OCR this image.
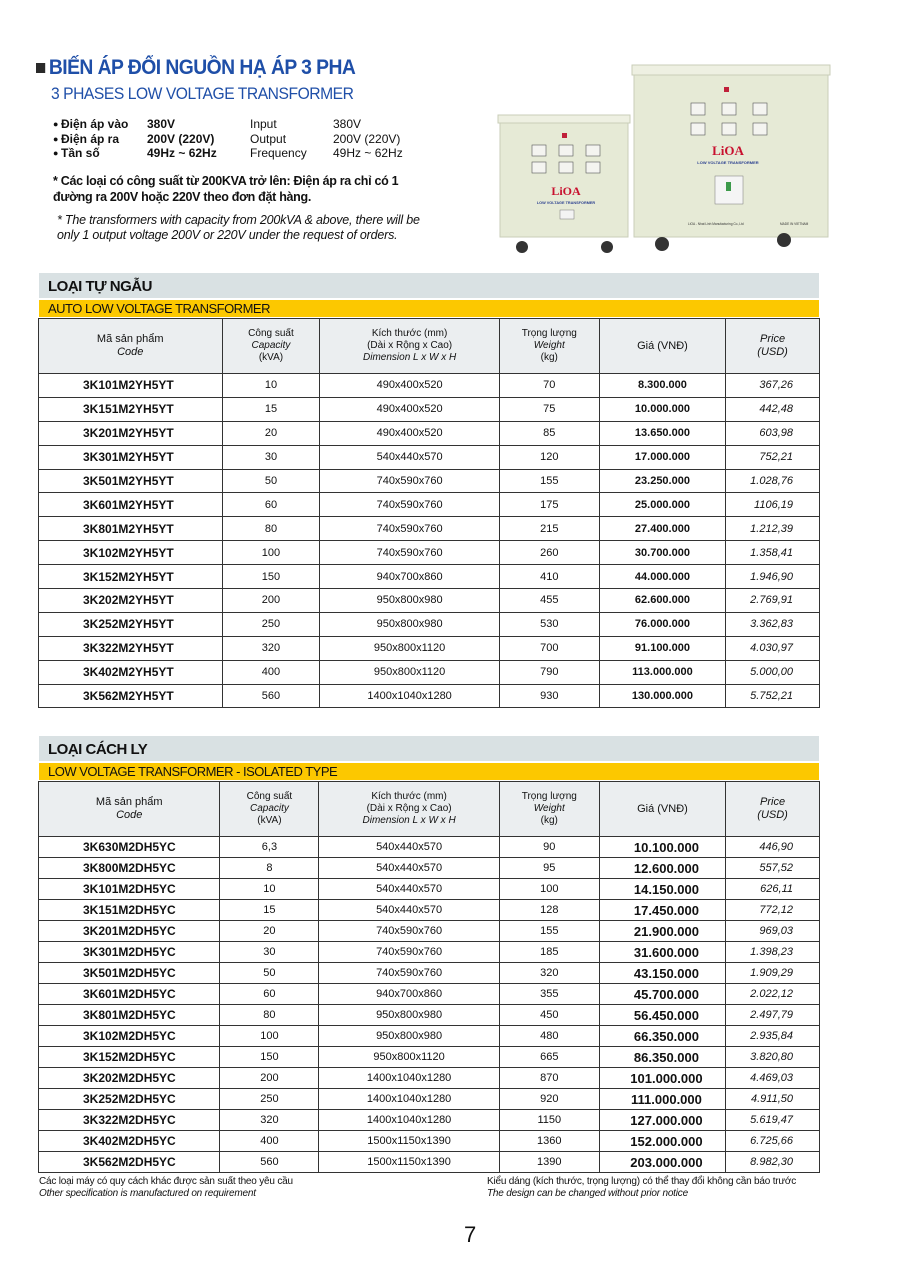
BIẾN ÁP ĐỔI NGUỒN HẠ ÁP 3 PHA
3 PHASES LOW VOLTAGE TRANSFORMER
● Điện áp vào	380V	Input	380V
● Điện áp ra	200V (220V)	Output	200V (220V)
● Tần số	49Hz ~ 62Hz	Frequency	49Hz ~ 62Hz
* Các loại có công suất từ 200KVA trở lên: Điện áp ra chỉ có 1 đường ra 200V hoặc 220V theo đơn đặt hàng.
* The transformers with capacity from 200kVA & above, there will be only 1 output voltage 200V or 220V under the request of orders.
LiOA
LOW VOLTAGE TRANSFORMER
LiOA
LOW VOLTAGE TRANSFORMER
LiOA - Nhat Linh Manufacturing Co.,Ltd	MADE IN VIETNAM
LOẠI TỰ NGẪU
AUTO LOW VOLTAGE TRANSFORMER
Mã sản phẩm
Code	Công suất
Capacity
(kVA)	Kích thước (mm)
(Dài x Rộng x Cao)
Dimension L x W x H	Trọng lượng
Weight
(kg)	Giá (VNĐ)	Price
(USD)
3K101M2YH5YT	10	490x400x520	70	8.300.000	367,26
3K151M2YH5YT	15	490x400x520	75	10.000.000	442,48
3K201M2YH5YT	20	490x400x520	85	13.650.000	603,98
3K301M2YH5YT	30	540x440x570	120	17.000.000	752,21
3K501M2YH5YT	50	740x590x760	155	23.250.000	1.028,76
3K601M2YH5YT	60	740x590x760	175	25.000.000	1106,19
3K801M2YH5YT	80	740x590x760	215	27.400.000	1.212,39
3K102M2YH5YT	100	740x590x760	260	30.700.000	1.358,41
3K152M2YH5YT	150	940x700x860	410	44.000.000	1.946,90
3K202M2YH5YT	200	950x800x980	455	62.600.000	2.769,91
3K252M2YH5YT	250	950x800x980	530	76.000.000	3.362,83
3K322M2YH5YT	320	950x800x1120	700	91.100.000	4.030,97
3K402M2YH5YT	400	950x800x1120	790	113.000.000	5.000,00
3K562M2YH5YT	560	1400x1040x1280	930	130.000.000	5.752,21
LOẠI CÁCH LY
LOW VOLTAGE TRANSFORMER - ISOLATED TYPE
Mã sản phẩm
Code	Công suất
Capacity
(kVA)	Kích thước (mm)
(Dài x Rộng x Cao)
Dimension L x W x H	Trọng lượng
Weight
(kg)	Giá (VNĐ)	Price
(USD)
3K630M2DH5YC	6,3	540x440x570	90	10.100.000	446,90
3K800M2DH5YC	8	540x440x570	95	12.600.000	557,52
3K101M2DH5YC	10	540x440x570	100	14.150.000	626,11
3K151M2DH5YC	15	540x440x570	128	17.450.000	772,12
3K201M2DH5YC	20	740x590x760	155	21.900.000	969,03
3K301M2DH5YC	30	740x590x760	185	31.600.000	1.398,23
3K501M2DH5YC	50	740x590x760	320	43.150.000	1.909,29
3K601M2DH5YC	60	940x700x860	355	45.700.000	2.022,12
3K801M2DH5YC	80	950x800x980	450	56.450.000	2.497,79
3K102M2DH5YC	100	950x800x980	480	66.350.000	2.935,84
3K152M2DH5YC	150	950x800x1120	665	86.350.000	3.820,80
3K202M2DH5YC	200	1400x1040x1280	870	101.000.000	4.469,03
3K252M2DH5YC	250	1400x1040x1280	920	111.000.000	4.911,50
3K322M2DH5YC	320	1400x1040x1280	1150	127.000.000	5.619,47
3K402M2DH5YC	400	1500x1150x1390	1360	152.000.000	6.725,66
3K562M2DH5YC	560	1500x1150x1390	1390	203.000.000	8.982,30
Các loại máy có quy cách khác được sản suất theo yêu cầu
Other specification is manufactured on requirement
Kiểu dáng (kích thước, trọng lượng) có thể thay đổi không cần báo trước
The design can be changed without prior notice
7
